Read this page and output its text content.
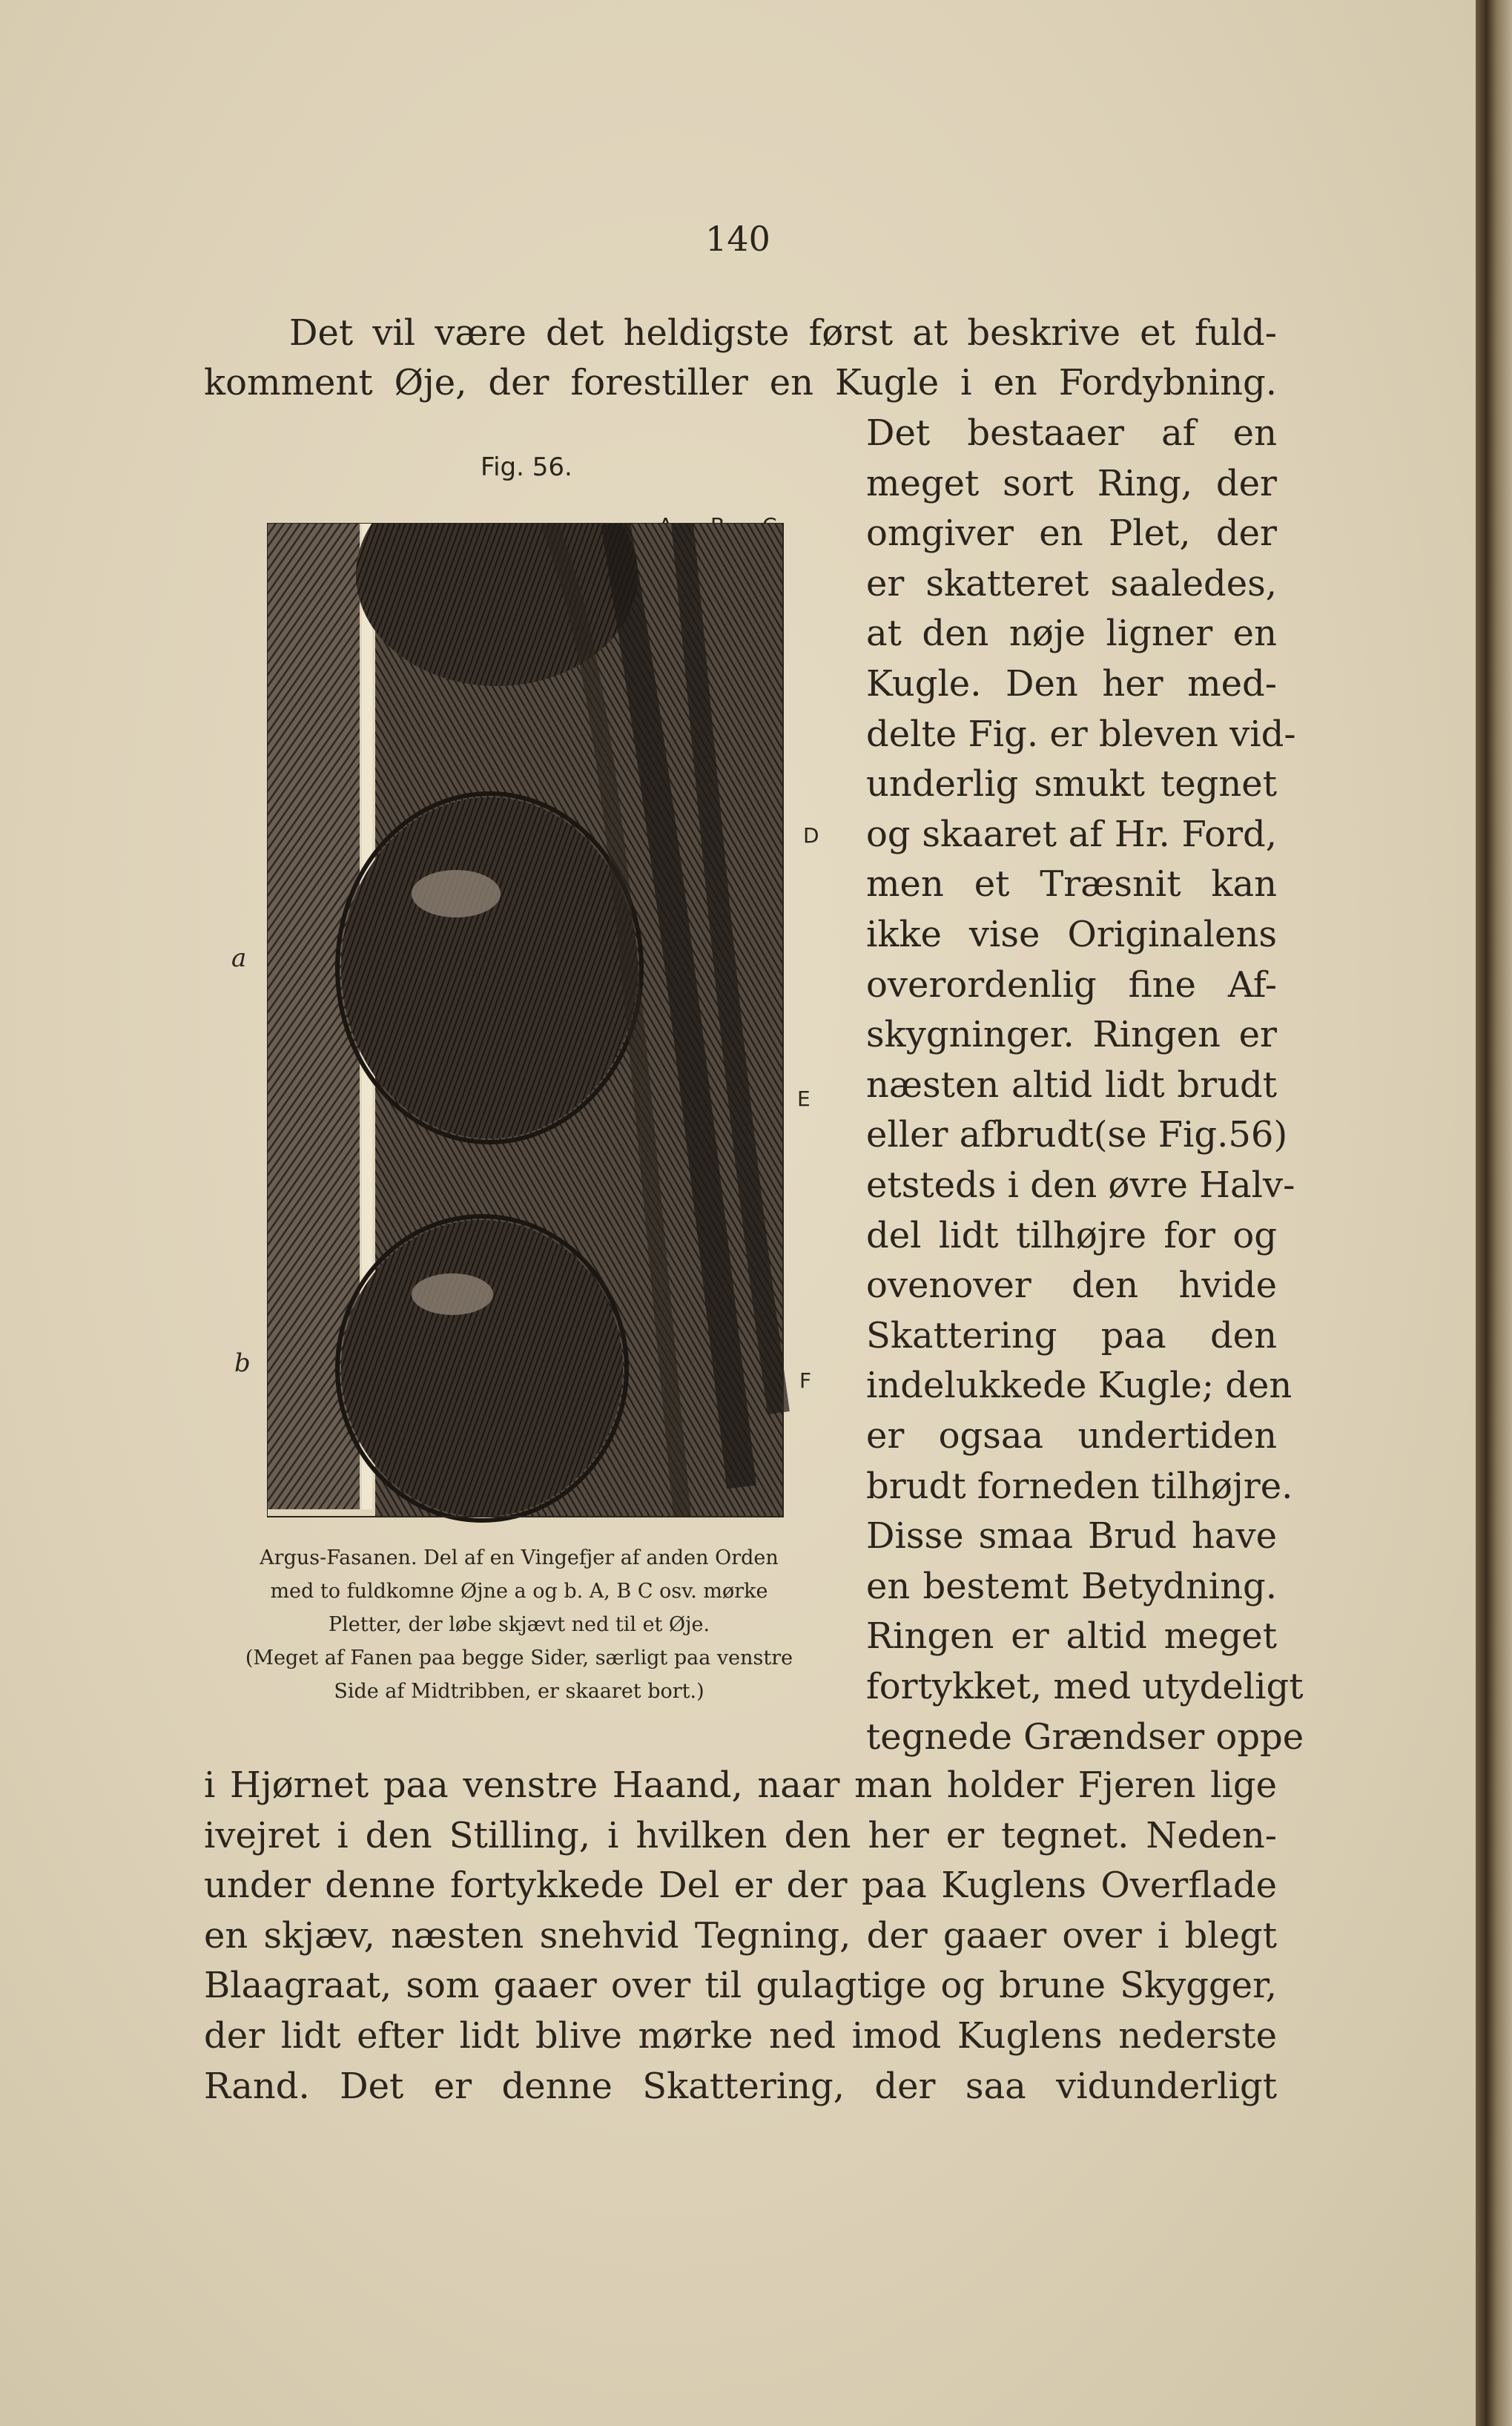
140
Det vil være det heldigste først at beskrive et fuld-
komment Øje, der forestiller en Kugle i en Fordybning.
Det bestaaer af en
meget sort Ring, der
omgiver en Plet, der
er skatteret saaledes,
at den nøje ligner en
Kugle. Den her med-
delte Fig. er bleven vid-
underlig smukt tegnet
og skaaret af Hr. Ford,
men et Træsnit kan
ikke vise Originalens
overordenlig fine Af-
skygninger. Ringen er
næsten altid lidt brudt
eller afbrudt(se Fig.56)
etsteds i den øvre Halv-
del lidt tilhøjre for og
ovenover den hvide
Skattering paa den
indelukkede Kugle; den
er ogsaa undertiden
brudt forneden tilhøjre.
Disse smaa Brud have
en bestemt Betydning.
Ringen er altid meget
fortykket, med utydeligt
tegnede Grændser oppe
Fig. 56.
D
E
F
a
b
Argus-Fasanen. Del af en Vingefjer af anden Orden
med to fuldkomne Øjne a og b. A, B C osv. mørke
Pletter, der løbe skjævt ned til et Øje.
(Meget af Fanen paa begge Sider, særligt paa venstre
Side af Midtribben, er skaaret bort.)
i Hjørnet paa venstre Haand, naar man holder Fjeren lige
ivejret i den Stilling, i hvilken den her er tegnet. Neden-
under denne fortykkede Del er der paa Kuglens Overflade
en skjæv, næsten snehvid Tegning, der gaaer over i blegt
Blaagraat, som gaaer over til gulagtige og brune Skygger,
der lidt efter lidt blive mørke ned imod Kuglens nederste
Rand. Det er denne Skattering, der saa vidunderligt
